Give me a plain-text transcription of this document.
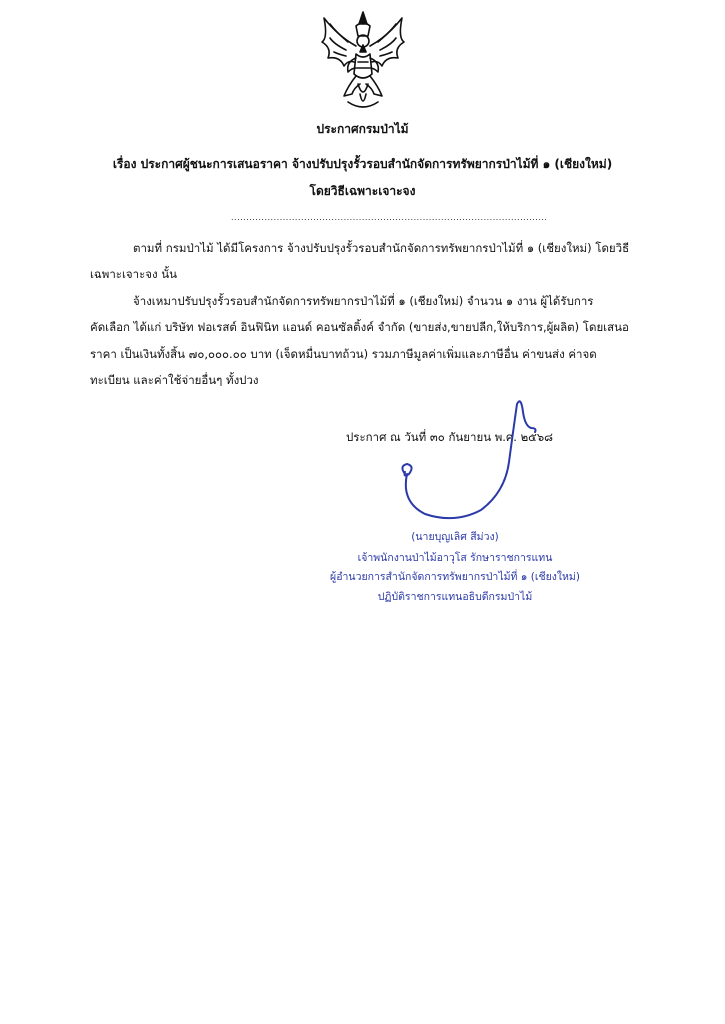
ประกาศกรมป่าไม้
เรื่อง ประกาศผู้ชนะการเสนอราคา จ้างปรับปรุงรั้วรอบสำนักจัดการทรัพยากรป่าไม้ที่ ๑ (เชียงใหม่)
โดยวิธีเฉพาะเจาะจง
........................................................................................................
ตามที่ กรมป่าไม้ ได้มีโครงการ จ้างปรับปรุงรั้วรอบสำนักจัดการทรัพยากรป่าไม้ที่ ๑ (เชียงใหม่) โดยวิธี
เฉพาะเจาะจง นั้น
จ้างเหมาปรับปรุงรั้วรอบสำนักจัดการทรัพยากรป่าไม้ที่ ๑ (เชียงใหม่) จำนวน ๑ งาน ผู้ได้รับการ
คัดเลือก ได้แก่ บริษัท ฟอเรสต์ อินฟินิท แอนด์ คอนซัลติ้งค์ จำกัด (ขายส่ง,ขายปลีก,ให้บริการ,ผู้ผลิต) โดยเสนอ
ราคา เป็นเงินทั้งสิ้น ๗๐,๐๐๐.๐๐ บาท (เจ็ดหมื่นบาทถ้วน) รวมภาษีมูลค่าเพิ่มและภาษีอื่น ค่าขนส่ง ค่าจด
ทะเบียน และค่าใช้จ่ายอื่นๆ ทั้งปวง
ประกาศ ณ วันที่ ๓๐ กันยายน พ.ศ. ๒๕๖๘
(นายบุญเลิศ สีม่วง)
เจ้าพนักงานป่าไม้อาวุโส รักษาราชการแทน
ผู้อำนวยการสำนักจัดการทรัพยากรป่าไม้ที่ ๑ (เชียงใหม่)
ปฏิบัติราชการแทนอธิบดีกรมป่าไม้
